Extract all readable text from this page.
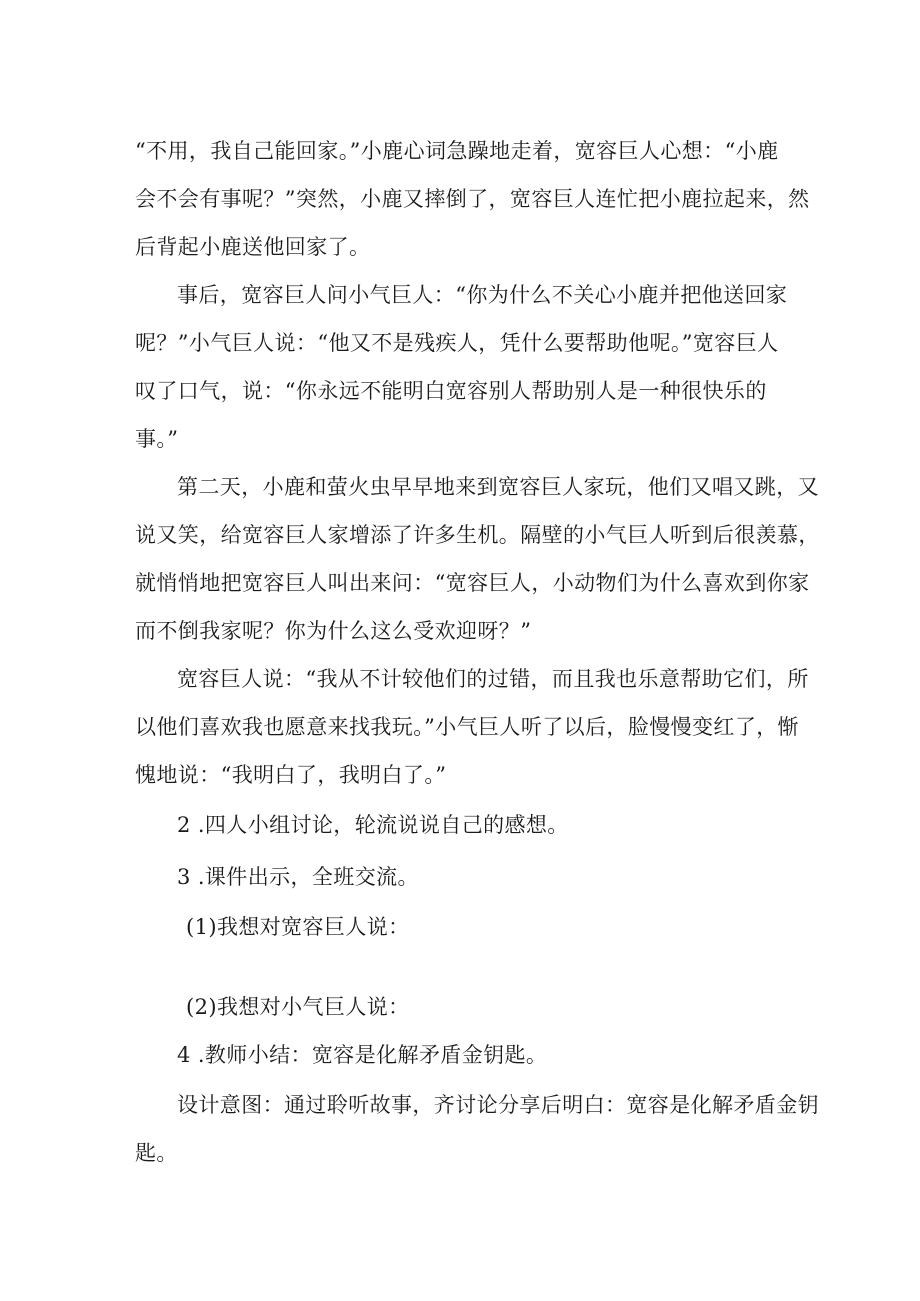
“不用，我自己能回家。”小鹿心词急躁地走着，宽容巨人心想：“小鹿
会不会有事呢？”突然，小鹿又摔倒了，宽容巨人连忙把小鹿拉起来，然
后背起小鹿送他回家了。
事后，宽容巨人问小气巨人：“你为什么不关心小鹿并把他送回家
呢？”小气巨人说：“他又不是残疾人，凭什么要帮助他呢。”宽容巨人
叹了口气，说：“你永远不能明白宽容别人帮助别人是一种很快乐的
事。”
第二天，小鹿和萤火虫早早地来到宽容巨人家玩，他们又唱又跳，又
说又笑，给宽容巨人家增添了许多生机。隔壁的小气巨人听到后很羡慕，
就悄悄地把宽容巨人叫出来问：“宽容巨人，小动物们为什么喜欢到你家
而不倒我家呢？你为什么这么受欢迎呀？”
宽容巨人说：“我从不计较他们的过错，而且我也乐意帮助它们，所
以他们喜欢我也愿意来找我玩。”小气巨人听了以后，脸慢慢变红了，惭
愧地说：“我明白了，我明白了。”
2 .四人小组讨论，轮流说说自己的感想。
3 .课件出示，全班交流。
(1)我想对宽容巨人说：
(2)我想对小气巨人说：
4 .教师小结：宽容是化解矛盾金钥匙。
设计意图：通过聆听故事，齐讨论分享后明白：宽容是化解矛盾金钥
匙。
